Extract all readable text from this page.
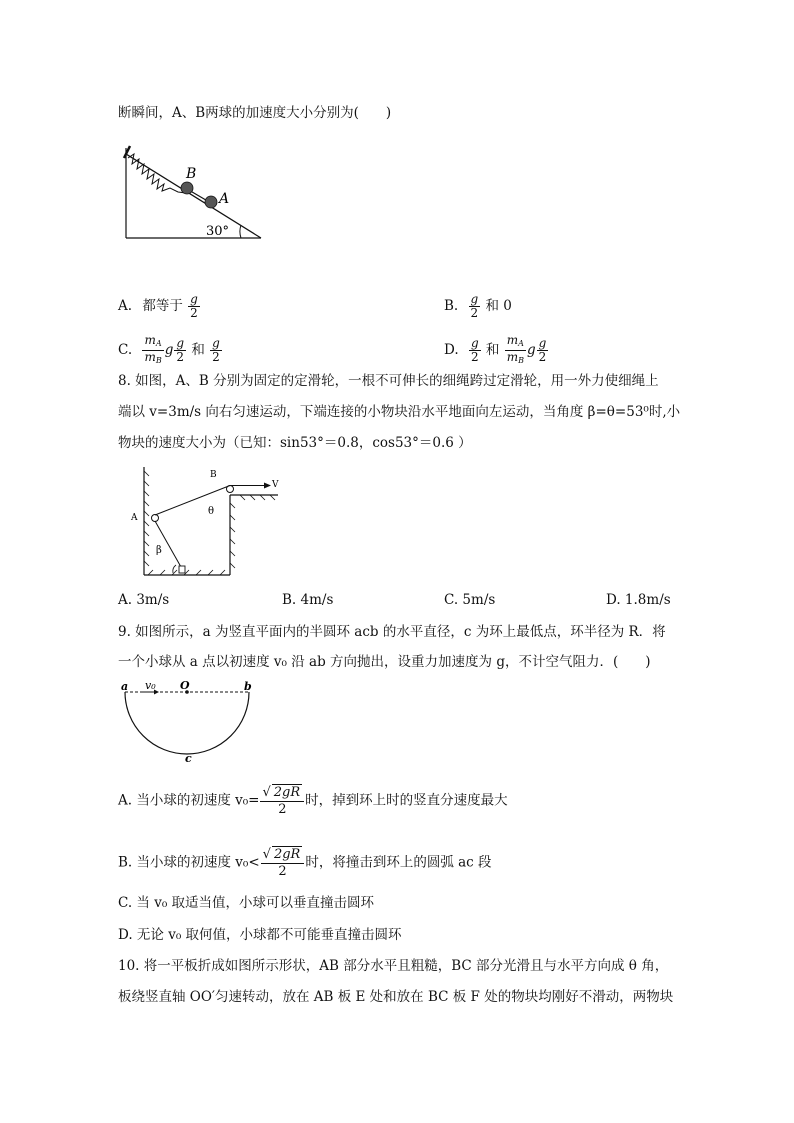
断瞬间，A、B两球的加速度大小分别为(　　)
B
A
30°
A. 都等于 $\frac{g}{2}$	B. $\frac{g}{2}$ 和 0
C. $\frac{m_A}{m_B}$ g $\frac{g}{2}$ 和 $\frac{g}{2}$	D. $\frac{g}{2}$ 和 $\frac{m_A}{m_B}$ g $\frac{g}{2}$
8. 如图，A、B 分别为固定的定滑轮，一根不可伸长的细绳跨过定滑轮，用一外力使细绳上
端以 v=3m/s 向右匀速运动，下端连接的小物块沿水平地面向左运动，当角度 β=θ=53⁰时,小
物块的速度大小为（已知：sin53°＝0.8，cos53°＝0.6 ）
A
B
V
θ
β
A. 3m/s	B. 4m/s	C. 5m/s	D. 1.8m/s
9. 如图所示，a 为竖直平面内的半圆环 acb 的水平直径，c 为环上最低点，环半径为 R．将
一个小球从 a 点以初速度 v₀ 沿 ab 方向抛出，设重力加速度为 g，不计空气阻力．(　　)
a v₀ O	b
c
A. 当小球的初速度 $v_0= \frac{√ 2gR}{2}$ 时，掉到环上时的竖直分速度最大
B. 当小球的初速度 $v_0< \frac{√ 2gR}{2}$ 时，将撞击到环上的圆弧 ac 段
C. 当 v₀ 取适当值，小球可以垂直撞击圆环
D. 无论 v₀ 取何值，小球都不可能垂直撞击圆环
10. 将一平板折成如图所示形状，AB 部分水平且粗糙，BC 部分光滑且与水平方向成 θ 角，
板绕竖直轴 OO′匀速转动，放在 AB 板 E 处和放在 BC 板 F 处的物块均刚好不滑动，两物块
